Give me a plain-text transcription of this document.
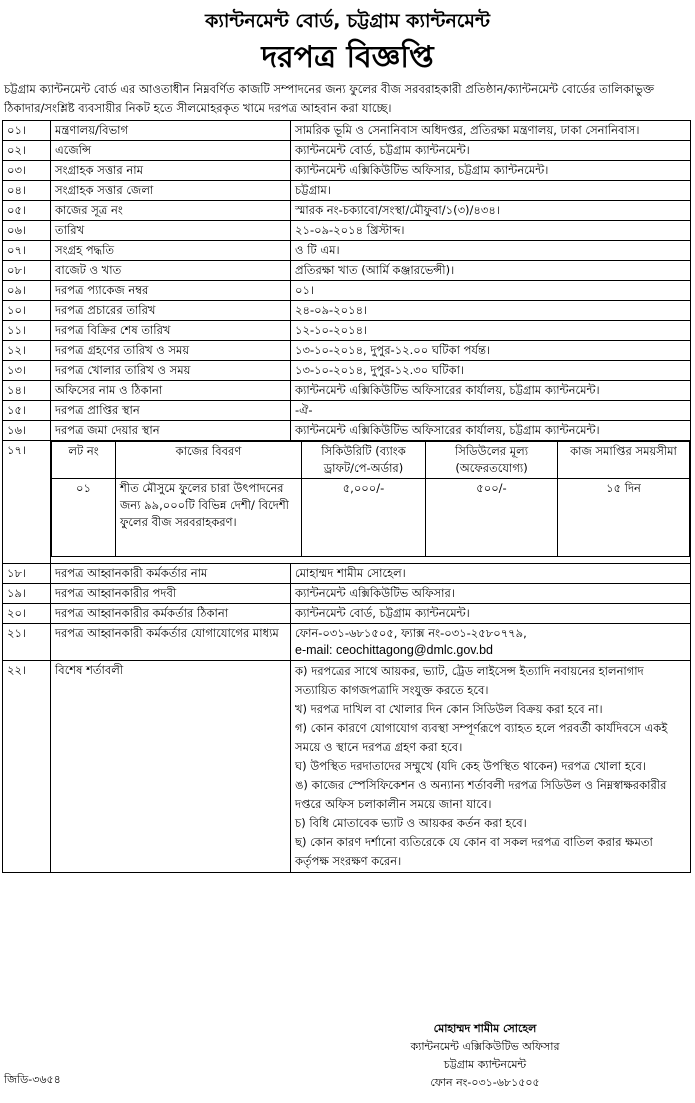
ক্যান্টনমেন্ট বোর্ড, চট্টগ্রাম ক্যান্টনমেন্ট
দরপত্র বিজ্ঞপ্তি
চট্টগ্রাম ক্যান্টনমেন্ট বোর্ড এর আওতাধীন নিম্নবর্ণিত কাজটি সম্পাদনের জন্য ফুলের বীজ সরবরাহকারী প্রতিষ্ঠান/ক্যান্টনমেন্ট বোর্ডের তালিকাভুক্ত ঠিকাদার/সংশ্লিষ্ট ব্যবসায়ীর নিকট হতে সীলমোহরকৃত খামে দরপত্র আহবান করা যাচ্ছে।
০১।	মন্ত্রণালয়/বিভাগ	সামরিক ভূমি ও সেনানিবাস অধিদপ্তর, প্রতিরক্ষা মন্ত্রণালয়, ঢাকা সেনানিবাস।
০২।	এজেন্সি	ক্যান্টনমেন্ট বোর্ড, চট্টগ্রাম ক্যান্টনমেন্ট।
০৩।	সংগ্রাহক সত্তার নাম	ক্যান্টনমেন্ট এক্সিকিউটিভ অফিসার, চট্টগ্রাম ক্যান্টনমেন্ট।
০৪।	সংগ্রাহক সত্তার জেলা	চট্টগ্রাম।
০৫।	কাজের সূত্র নং	স্মারক নং-চক্যাবো/সংস্থা/মৌফুবা/১(৩)/৪৩৪।
০৬।	তারিখ	২১-০৯-২০১৪ খ্রিস্টাব্দ।
০৭।	সংগ্রহ পদ্ধতি	ও টি এম।
০৮।	বাজেট ও খাত	প্রতিরক্ষা খাত (আর্মি কঞ্জারভেন্সী)।
০৯।	দরপত্র প্যাকেজ নম্বর	০১।
১০।	দরপত্র প্রচারের তারিখ	২৪-০৯-২০১৪।
১১।	দরপত্র বিক্রির শেষ তারিখ	১২-১০-২০১৪।
১২।	দরপত্র গ্রহণের তারিখ ও সময়	১৩-১০-২০১৪, দুপুর-১২.০০ ঘটিকা পর্যন্ত।
১৩।	দরপত্র খোলার তারিখ ও সময়	১৩-১০-২০১৪, দুপুর-১২.৩০ ঘটিকা।
১৪।	অফিসের নাম ও ঠিকানা	ক্যান্টনমেন্ট এক্সিকিউটিভ অফিসারের কার্যালয়, চট্টগ্রাম ক্যান্টনমেন্ট।
১৫।	দরপত্র প্রাপ্তির স্থান	-ঐ-
১৬।	দরপত্র জমা দেয়ার স্থান	ক্যান্টনমেন্ট এক্সিকিউটিভ অফিসারের কার্যালয়, চট্টগ্রাম ক্যান্টনমেন্ট।
১৭।		লট নং	কাজের বিবরণ	সিকিউরিটি (ব্যাংক ড্রাফট/পে-অর্ডার)	সিডিউলের মূল্য (অফেরতযোগ্য)	কাজ সমাপ্তির সময়সীমা
০১	শীত মৌসুমে ফুলের চারা উৎপাদনের জন্য ৯৯,০০০টি বিভিন্ন দেশী/ বিদেশী ফুলের বীজ সরবরাহকরণ।	৫,০০০/-	৫০০/-	১৫ দিন

১৮।	দরপত্র আহ্বানকারী কর্মকর্তার নাম	মোহাম্মদ শামীম সোহেল।
১৯।	দরপত্র আহ্বানকারীর পদবী	ক্যান্টনমেন্ট এক্সিকিউটিভ অফিসার।
২০।	দরপত্র আহ্বানকারীর কর্মকর্তার ঠিকানা	ক্যান্টনমেন্ট বোর্ড, চট্টগ্রাম ক্যান্টনমেন্ট।
২১।	দরপত্র আহ্বানকারী কর্মকর্তার যোগাযোগের মাধ্যম	ফোন-০৩১-৬৮১৫০৫, ফ্যাক্স নং-০৩১-২৫৮০৭৭৯,
e-mail: ceochittagong@dmlc.gov.bd

২২।	বিশেষ শর্তাবলী	ক) দরপত্রের সাথে আয়কর, ভ্যাট, ট্রেড লাইসেন্স ইত্যাদি নবায়নের হালনাগাদ সত্যায়িত কাগজপত্রাদি সংযুক্ত করতে হবে।
খ) দরপত্র দাখিল বা খোলার দিন কোন সিডিউল বিক্রয় করা হবে না।
গ) কোন কারণে যোগাযোগ ব্যবস্থা সম্পূর্ণরূপে ব্যাহত হলে পরবর্তী কার্যদিবসে একই সময়ে ও স্থানে দরপত্র গ্রহণ করা হবে।
ঘ) উপস্থিত দরদাতাদের সম্মুখে (যদি কেহ উপস্থিত থাকেন) দরপত্র খোলা হবে।
ঙ) কাজের স্পেসিফিকেশন ও অন্যান্য শর্তাবলী দরপত্র সিডিউল ও নিম্নস্বাক্ষরকারীর দপ্তরে অফিস চলাকালীন সময়ে জানা যাবে।
চ) বিধি মোতাবেক ভ্যাট ও আয়কর কর্তন করা হবে।
ছ) কোন কারণ দর্শানো ব্যতিরেকে যে কোন বা সকল দরপত্র বাতিল করার ক্ষমতা কর্তৃপক্ষ সংরক্ষণ করেন।
মোহাম্মদ শামীম সোহেল
ক্যান্টনমেন্ট এক্সিকিউটিভ অফিসার
চট্টগ্রাম ক্যান্টনমেন্ট
ফোন নং-০৩১-৬৮১৫০৫
জিডি-৩৬৫৪
